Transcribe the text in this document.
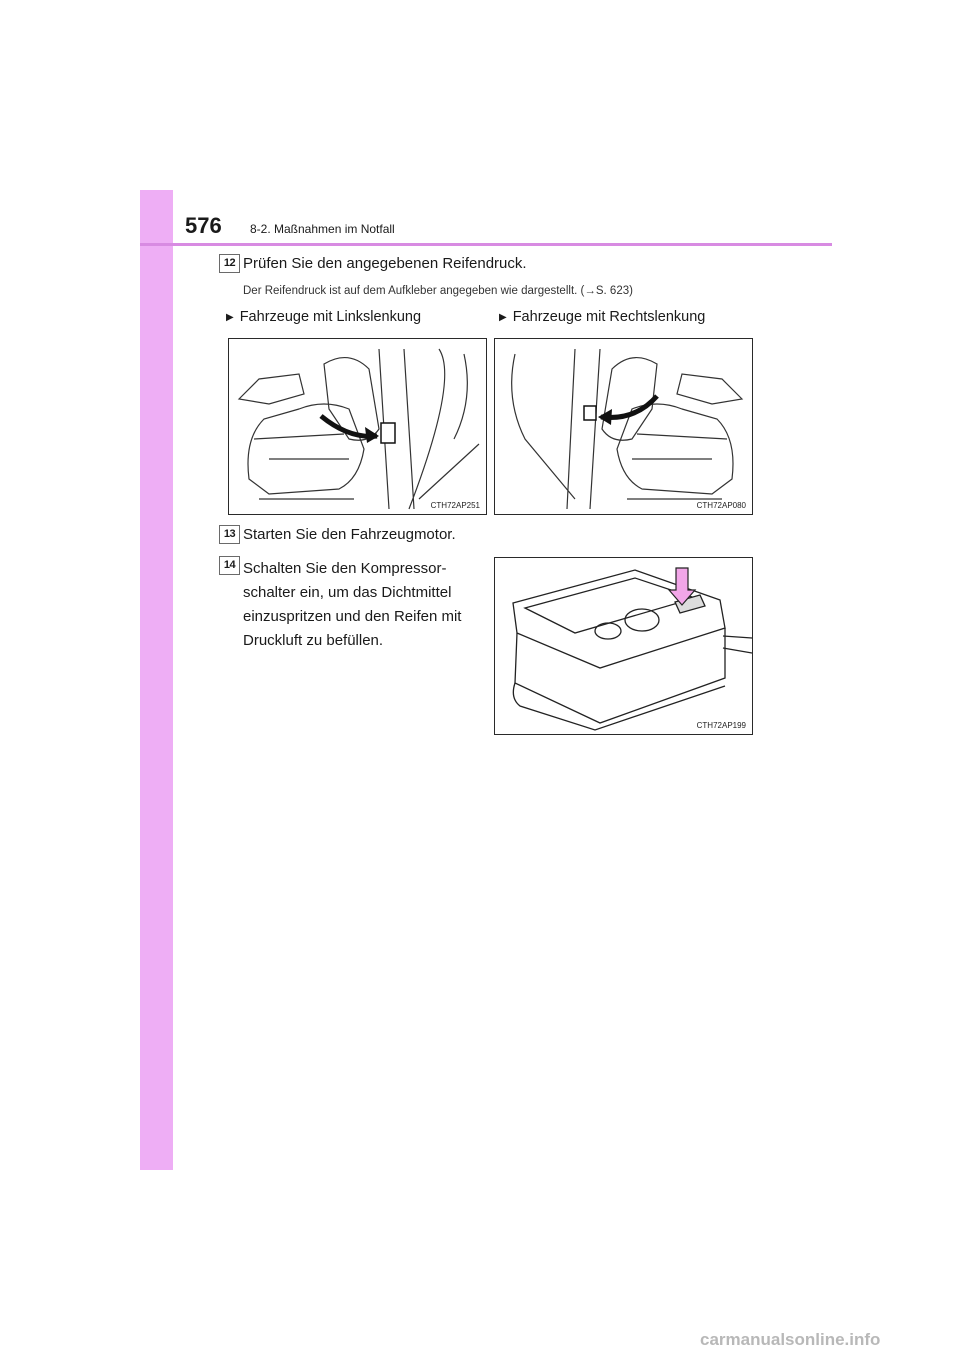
576 8-2. Maßnahmen im Notfall
12 Prüfen Sie den angegebenen Reifendruck.
Der Reifendruck ist auf dem Aufkleber angegeben wie dargestellt. (→S. 623)
▶ Fahrzeuge mit Linkslenkung	▶ Fahrzeuge mit Rechtslenkung
CTH72AP251	CTH72AP080
13 Starten Sie den Fahrzeugmotor.
14 Schalten Sie den Kompressor-
schalter ein, um das Dichtmittel
einzuspritzen und den Reifen mit
Druckluft zu befüllen.
CTH72AP199
carmanualsonline.info
